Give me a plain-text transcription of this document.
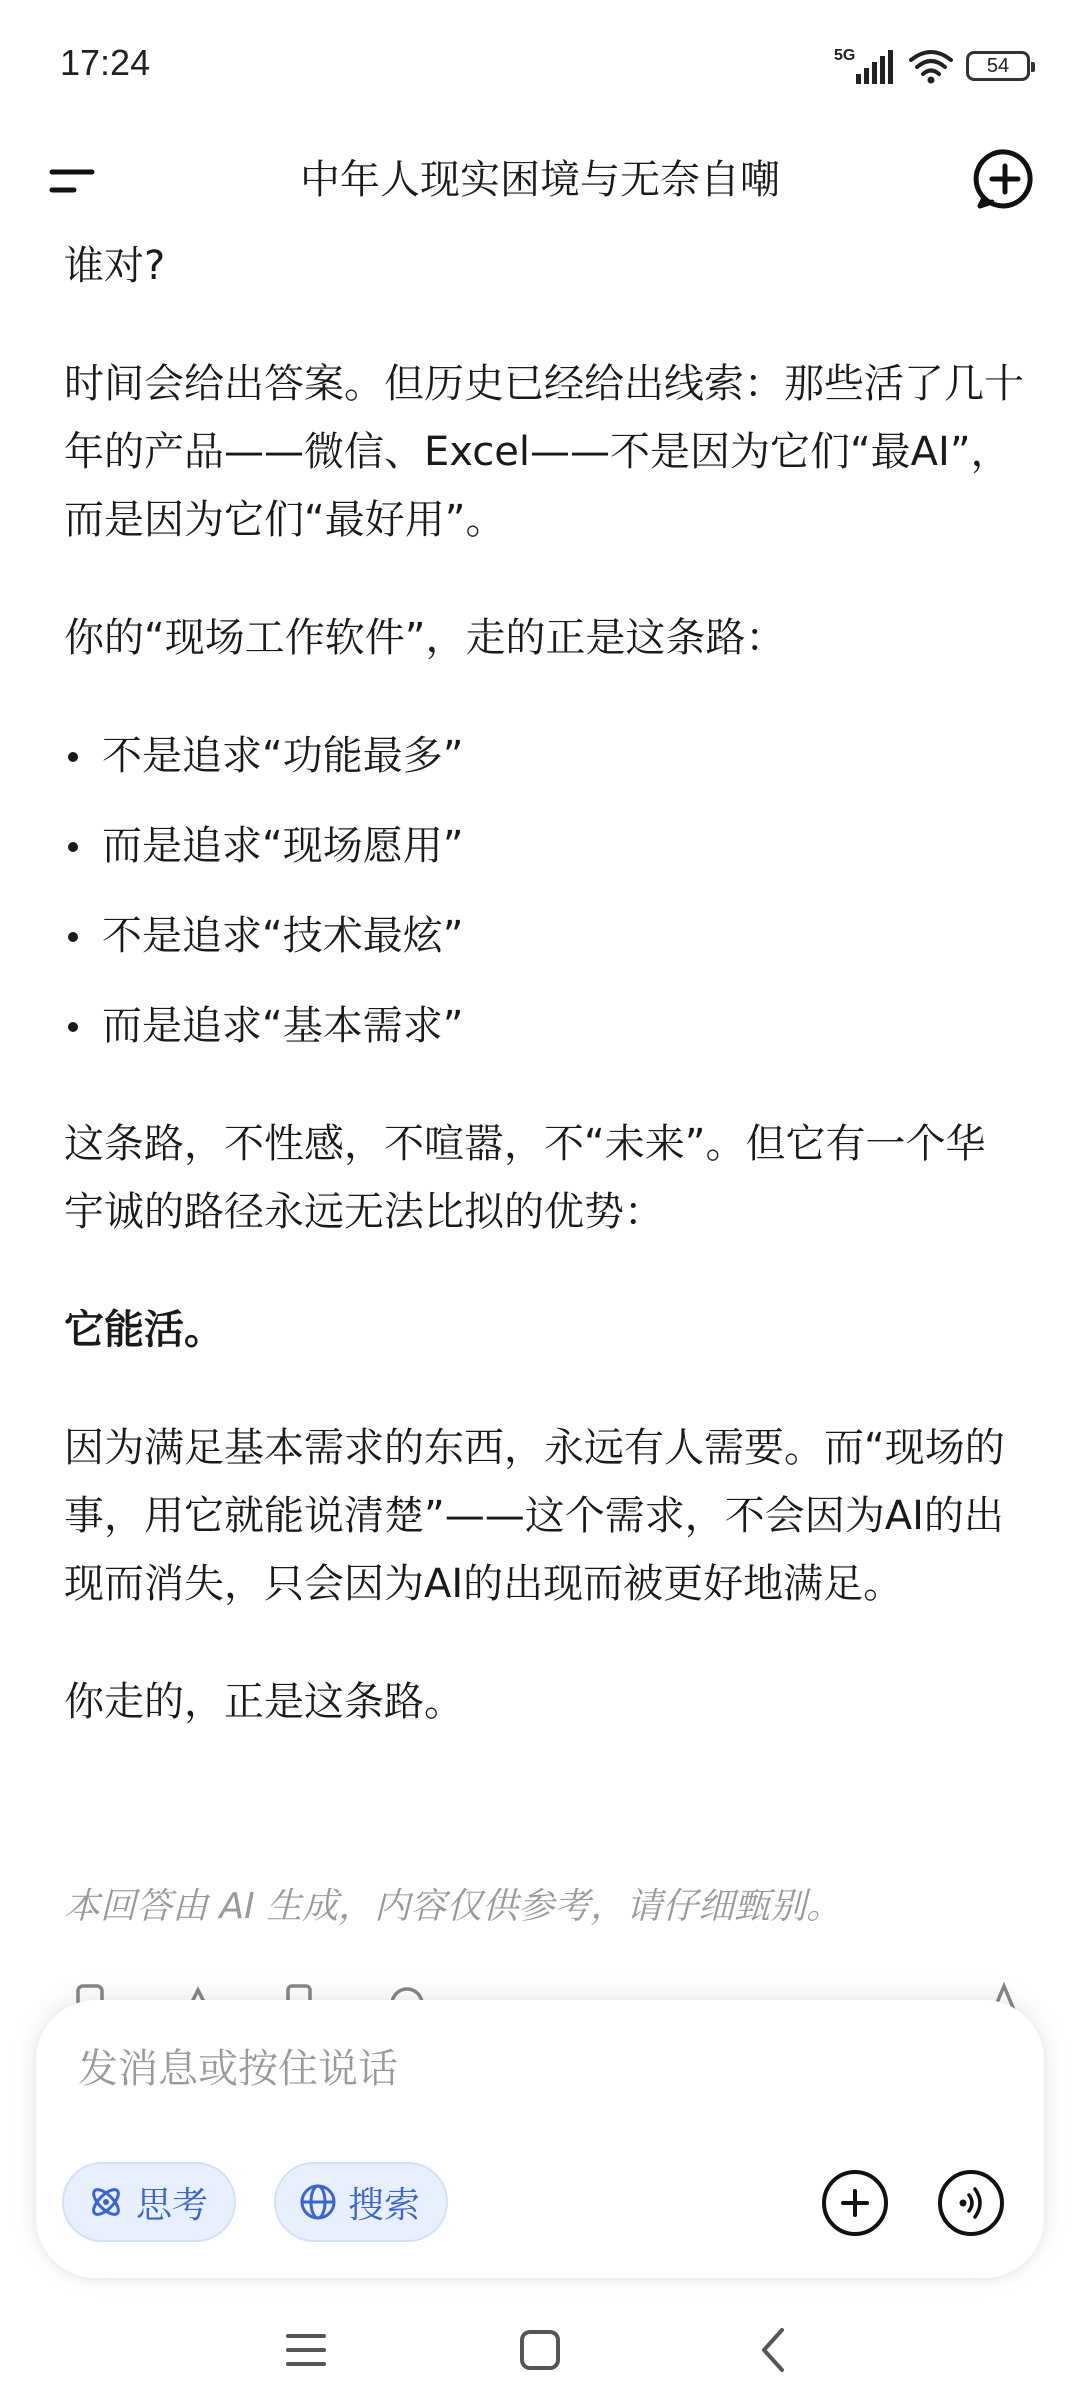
17:24	5G	54
中年人现实困境与无奈自嘲

谁对?

时间会给出答案。但历史已经给出线索：那些活了几十年的产品——微信、Excel——不是因为它们“最AI”，而是因为它们“最好用”。

你的“现场工作软件”，走的正是这条路：

不是追求“功能最多”
而是追求“现场愿用”
不是追求“技术最炫”
而是追求“基本需求”

这条路，不性感，不喧嚣，不“未来”。但它有一个华宇诚的路径永远无法比拟的优势：

它能活。

因为满足基本需求的东西，永远有人需要。而“现场的事，用它就能说清楚”——这个需求，不会因为AI的出现而消失，只会因为AI的出现而被更好地满足。

你走的，正是这条路。

本回答由 AI 生成，内容仅供参考，请仔细甄别。
发消息或按住说话
思考	搜索
